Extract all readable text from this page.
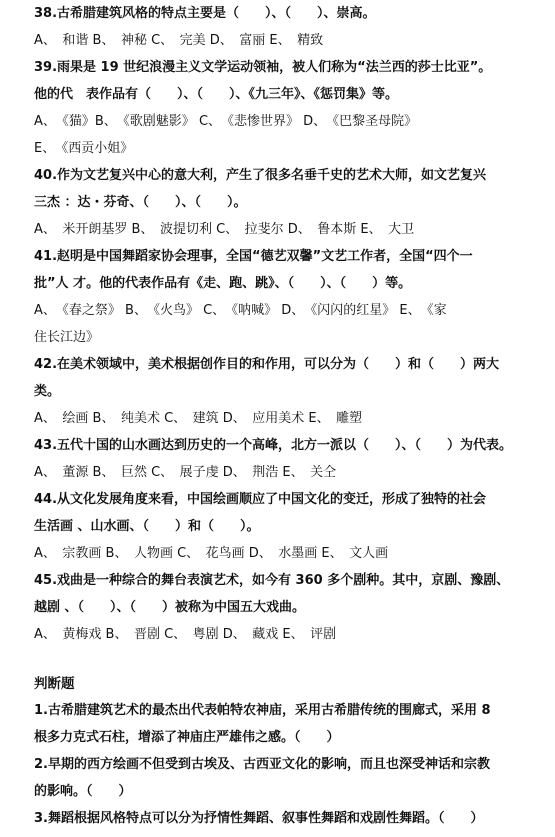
38.古希腊建筑风格的特点主要是（　　）、（　　）、崇高。
A、　和谐 B、　神秘 C、　完美 D、　富丽 E、　精致
39.雨果是 19 世纪浪漫主义文学运动领袖，被人们称为“法兰西的莎士比亚”。
他的代　表作品有（　　）、（　　）、《九三年》、《惩罚集》等。
A、　《猫》B、　《歌剧魅影》 C、　《悲惨世界》 D、　《巴黎圣母院》
E、　《西贡小姐》
40.作为文艺复兴中心的意大利，产生了很多名垂千史的艺术大师，如文艺复兴
三杰 ：达・芬奇、（　　）、（　　）。
A、　米开朗基罗 B、　波提切利 C、　拉斐尔 D、　鲁本斯 E、　大卫
41.赵明是中国舞蹈家协会理事，全国“德艺双馨”文艺工作者，全国“四个一
批”人 才。他的代表作品有《走、跑、跳》、（　　）、（　　）等。
A、　《春之祭》 B、　《火鸟》 C、　《呐喊》 D、　《闪闪的红星》 E、　《家
住长江边》
42.在美术领域中，美术根据创作目的和作用，可以分为（　　）和（　　）两大
类。
A、　绘画 B、　纯美术 C、　建筑 D、　应用美术 E、　雕塑
43.五代十国的山水画达到历史的一个高峰，北方一派以（　　）、（　　）为代表。
A、　董源 B、　巨然 C、　展子虔 D、　荆浩 E、　关仝
44.从文化发展角度来看，中国绘画顺应了中国文化的变迁，形成了独特的社会
生活画 、山水画、（　　）和（　　）。
A、　宗教画 B、　人物画 C、　花鸟画 D、　水墨画 E、　文人画
45.戏曲是一种综合的舞台表演艺术，如今有 360 多个剧种。其中，京剧、豫剧、
越剧 、（　　）、（　　）被称为中国五大戏曲。
A、　黄梅戏 B、　晋剧 C、　粤剧 D、　藏戏 E、　评剧
判断题
1.古希腊建筑艺术的最杰出代表帕特农神庙，采用古希腊传统的围廊式，采用 8
根多力克式石柱，增添了神庙庄严雄伟之感。（　　）
2.早期的西方绘画不但受到古埃及、古西亚文化的影响，而且也深受神话和宗教
的影响。（　　）
3.舞蹈根据风格特点可以分为抒情性舞蹈、叙事性舞蹈和戏剧性舞蹈。（　　）
